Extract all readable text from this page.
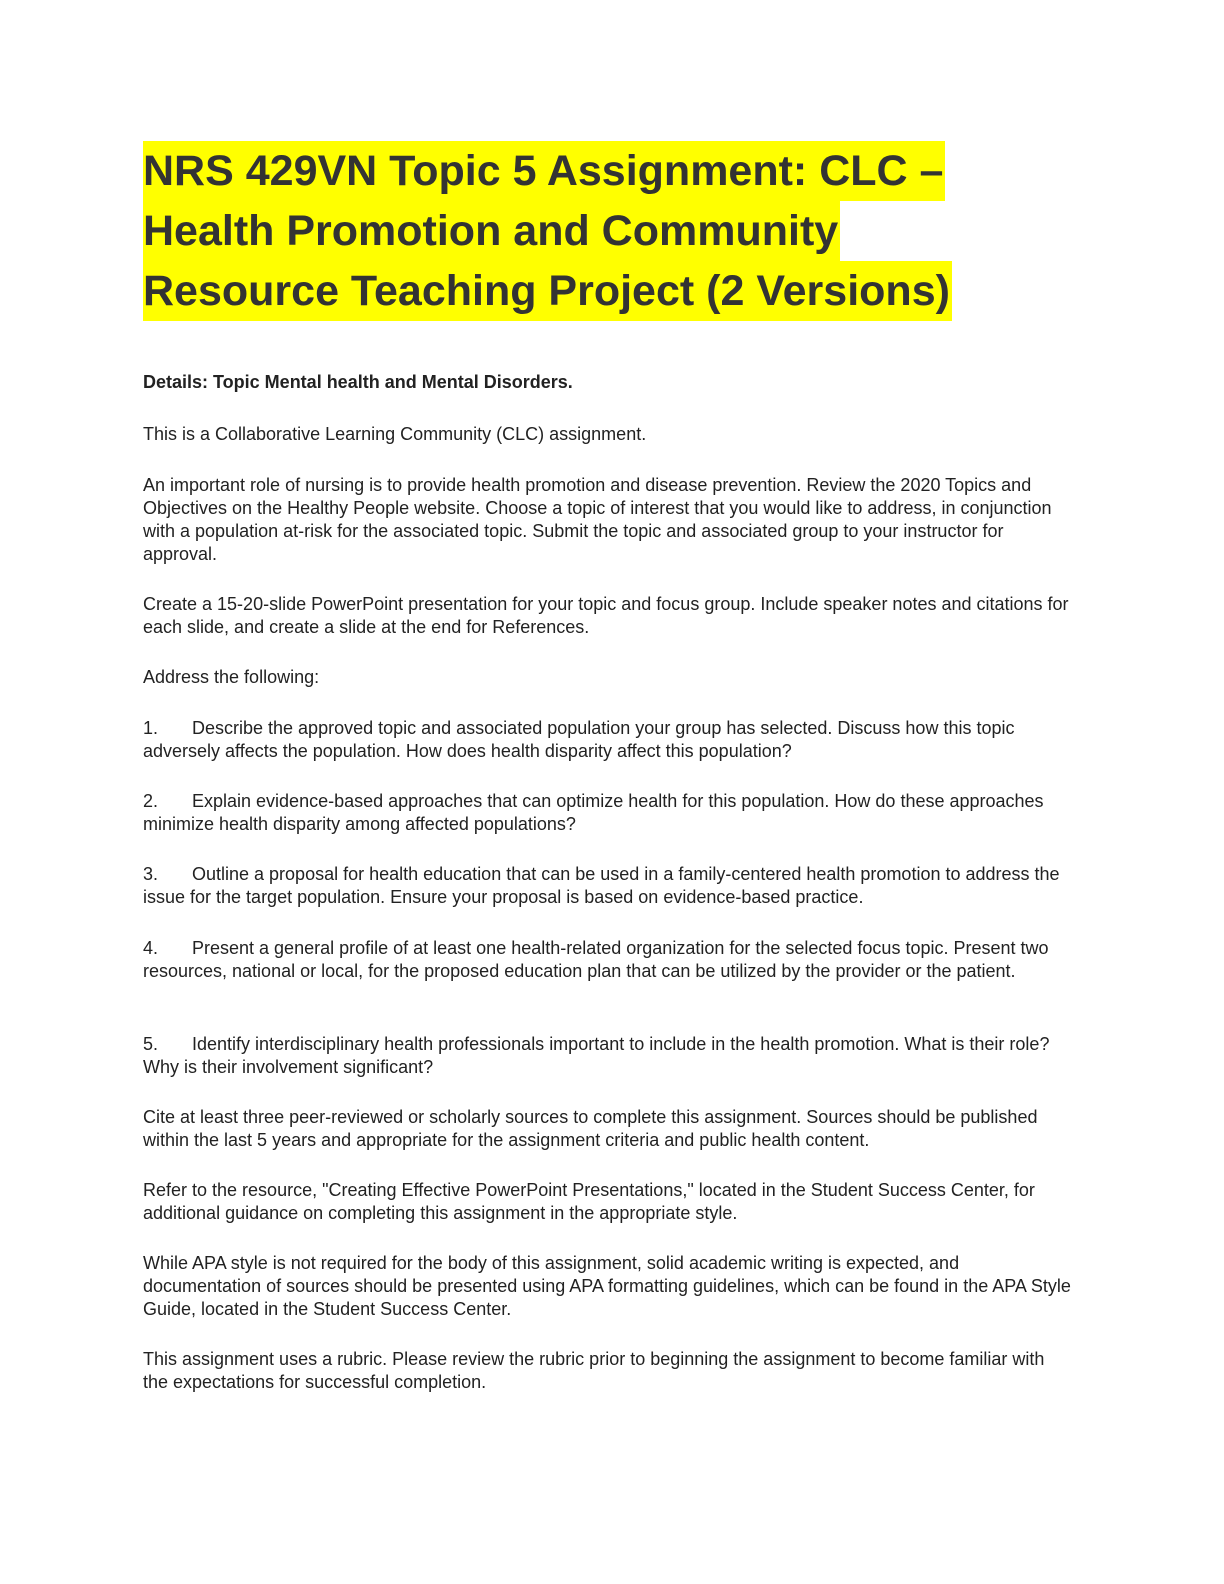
NRS 429VN Topic 5 Assignment: CLC –
Health Promotion and Community
Resource Teaching Project (2 Versions)

Details: Topic Mental health and Mental Disorders.

This is a Collaborative Learning Community (CLC) assignment.

An important role of nursing is to provide health promotion and disease prevention. Review the 2020 Topics and Objectives on the Healthy People website. Choose a topic of interest that you would like to address, in conjunction with a population at-risk for the associated topic. Submit the topic and associated group to your instructor for approval.

Create a 15-20-slide PowerPoint presentation for your topic and focus group. Include speaker notes and citations for each slide, and create a slide at the end for References.

Address the following:

1. Describe the approved topic and associated population your group has selected. Discuss how this topic adversely affects the population. How does health disparity affect this population?

2. Explain evidence-based approaches that can optimize health for this population. How do these approaches minimize health disparity among affected populations?

3. Outline a proposal for health education that can be used in a family-centered health promotion to address the issue for the target population. Ensure your proposal is based on evidence-based practice.

4. Present a general profile of at least one health-related organization for the selected focus topic. Present two resources, national or local, for the proposed education plan that can be utilized by the provider or the patient.

5. Identify interdisciplinary health professionals important to include in the health promotion. What is their role? Why is their involvement significant?

Cite at least three peer-reviewed or scholarly sources to complete this assignment. Sources should be published within the last 5 years and appropriate for the assignment criteria and public health content.

Refer to the resource, "Creating Effective PowerPoint Presentations," located in the Student Success Center, for additional guidance on completing this assignment in the appropriate style.

While APA style is not required for the body of this assignment, solid academic writing is expected, and documentation of sources should be presented using APA formatting guidelines, which can be found in the APA Style Guide, located in the Student Success Center.

This assignment uses a rubric. Please review the rubric prior to beginning the assignment to become familiar with the expectations for successful completion.
